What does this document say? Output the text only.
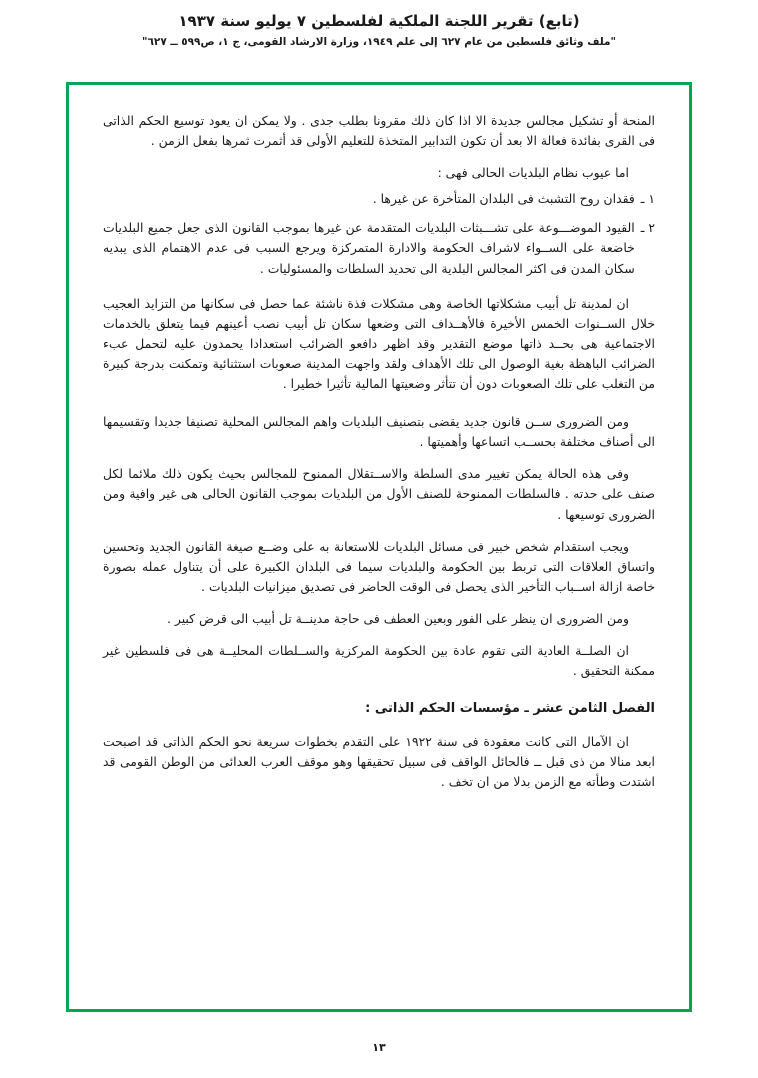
(تابع) تقرير اللجنة الملكية لفلسطين ٧ يوليو سنة ١٩٣٧
"ملف وثائق فلسطين من عام ٦٢٧ إلى علم ١٩٤٩، وزارة الارشاد القومى، ج ١، ص٥٩٩ ــ ٦٢٧"

المنحة أو تشكيل مجالس جديدة الا اذا كان ذلك مقرونا بطلب جدى . ولا يمكن ان يعود توسيع الحكم الذاتى فى القرى بفائدة فعالة الا بعد أن تكون التدابير المتخذة للتعليم الأولى قد أثمرت ثمرها بفعل الزمن .

اما عيوب نظام البلديات الحالى فهى :

١ ـ
فقدان روح التشبث فى البلدان المتأخرة عن غيرها .
٢ ـ
القيود الموضـــوعة على تشـــبثات البلديات المتقدمة عن غيرها بموجب القانون الذى جعل جميع البلديات خاضعة على الســواء لاشراف الحكومة والادارة المتمركزة ويرجع السبب فى عدم الاهتمام الذى يبديه سكان المدن فى اكثر المجالس البلدية الى تحديد السلطات والمسئوليات .

ان لمدينة تل أبيب مشكلاتها الخاصة وهى مشكلات فذة ناشئة عما حصل فى سكانها من التزايد العجيب خلال الســنوات الخمس الأخيرة فالأهــداف التى وضعها سكان تل أبيب نصب أعينهم فيما يتعلق بالخدمات الاجتماعية هى بحــد ذاتها موضع التقدير وقد اظهر دافعو الضرائب استعدادا يحمدون عليه لتحمل عبء الضرائب الباهظة بغية الوصول الى تلك الأهداف ولقد واجهت المدينة صعوبات استثنائية وتمكنت بدرجة كبيرة من التغلب على تلك الصعوبات دون أن تتأثر وضعيتها المالية تأثيرا خطيرا .

ومن الضرورى ســن قانون جديد يقضى بتصنيف البلديات واهم المجالس المحلية تصنيفا جديدا وتقسيمها الى أصناف مختلفة بحســب اتساعها وأهميتها .

وفى هذه الحالة يمكن تغيير مدى السلطة والاســتقلال الممنوح للمجالس بحيث يكون ذلك ملائما لكل صنف على حدته . فالسلطات الممنوحة للصنف الأول من البلديات بموجب القانون الحالى هى غير وافية ومن الضرورى توسيعها .

ويجب استقدام شخص خبير فى مسائل البلديات للاستعانة به على وضــع صيغة القانون الجديد وتحسين واتساق العلاقات التى تربط بين الحكومة والبلديات سيما فى البلدان الكبيرة على أن يتناول عمله بصورة خاصة ازالة اســباب التأخير الذى يحصل فى الوقت الحاضر فى تصديق ميزانيات البلديات .

ومن الضرورى ان ينظر على الفور وبعين العطف فى حاجة مدينــة تل أبيب الى قرض كبير .

ان الصلــة العادية التى تقوم عادة بين الحكومة المركزية والســلطات المحليــة هى فى فلسطين غير ممكنة التحقيق .

الفصل الثامن عشر ـ مؤسسات الحكم الذاتى :

ان الآمال التى كانت معقودة فى سنة ١٩٢٢ على التقدم بخطوات سريعة نحو الحكم الذاتى قد اصبحت ابعد منالا من ذى قبل ــ فالحائل الواقف فى سبيل تحقيقها وهو موقف العرب العدائى من الوطن القومى قد اشتدت وطأته مع الزمن بدلا من ان تخف .

١٣
